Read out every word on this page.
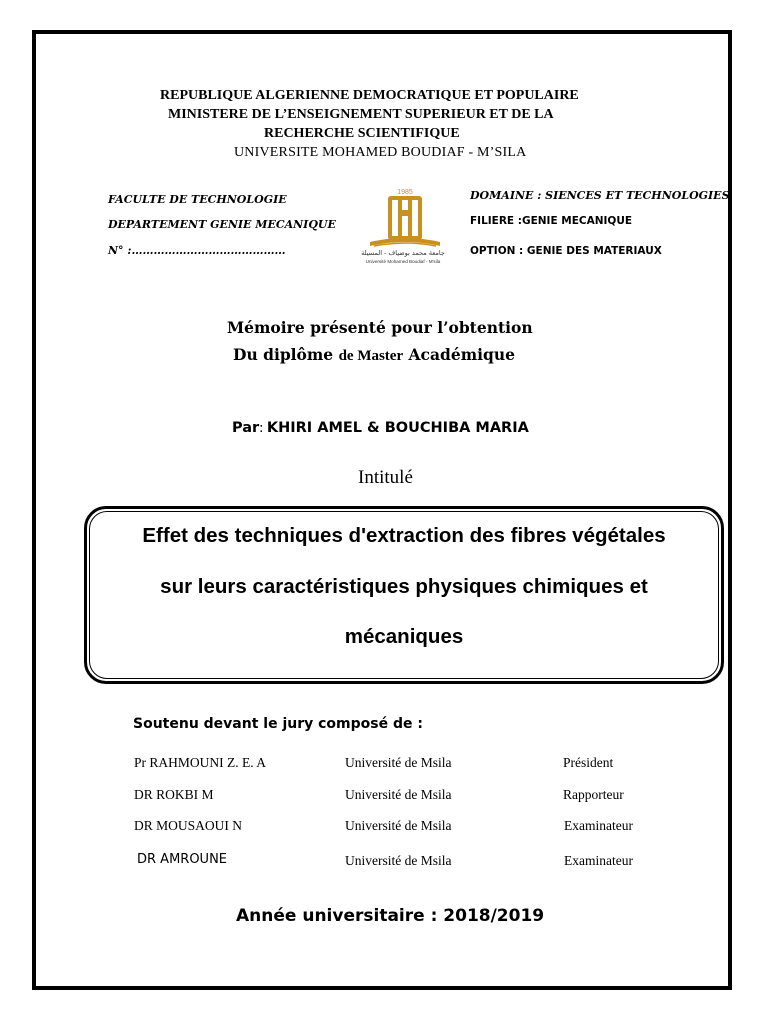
REPUBLIQUE ALGERIENNE DEMOCRATIQUE ET POPULAIRE
MINISTERE DE L’ENSEIGNEMENT SUPERIEUR ET DE LA
RECHERCHE SCIENTIFIQUE
UNIVERSITE MOHAMED BOUDIAF - M’SILA
FACULTE DE TECHNOLOGIE
DEPARTEMENT GENIE MECANIQUE
N° :……………………………………
1985
جامعة محمد بوضياف - المسيلة
Université Mohamed Boudiaf - M'sila
DOMAINE : SIENCES ET TECHNOLOGIES
FILIERE :GENIE MECANIQUE
OPTION : GENIE DES MATERIAUX
Mémoire présenté pour l’obtention
Du diplôme de Master Académique
Par: KHIRI AMEL & BOUCHIBA MARIA
Intitulé
Effet des techniques d'extraction des fibres végétales
sur leurs caractéristiques physiques chimiques et
mécaniques
Soutenu devant le jury composé de :
Pr RAHMOUNI Z. E. A	Université de Msila	Président
DR ROKBI M	Université de Msila	Rapporteur
DR MOUSAOUI N	Université de Msila	Examinateur
DR AMROUNE	Université de Msila	Examinateur
Année universitaire : 2018/2019
